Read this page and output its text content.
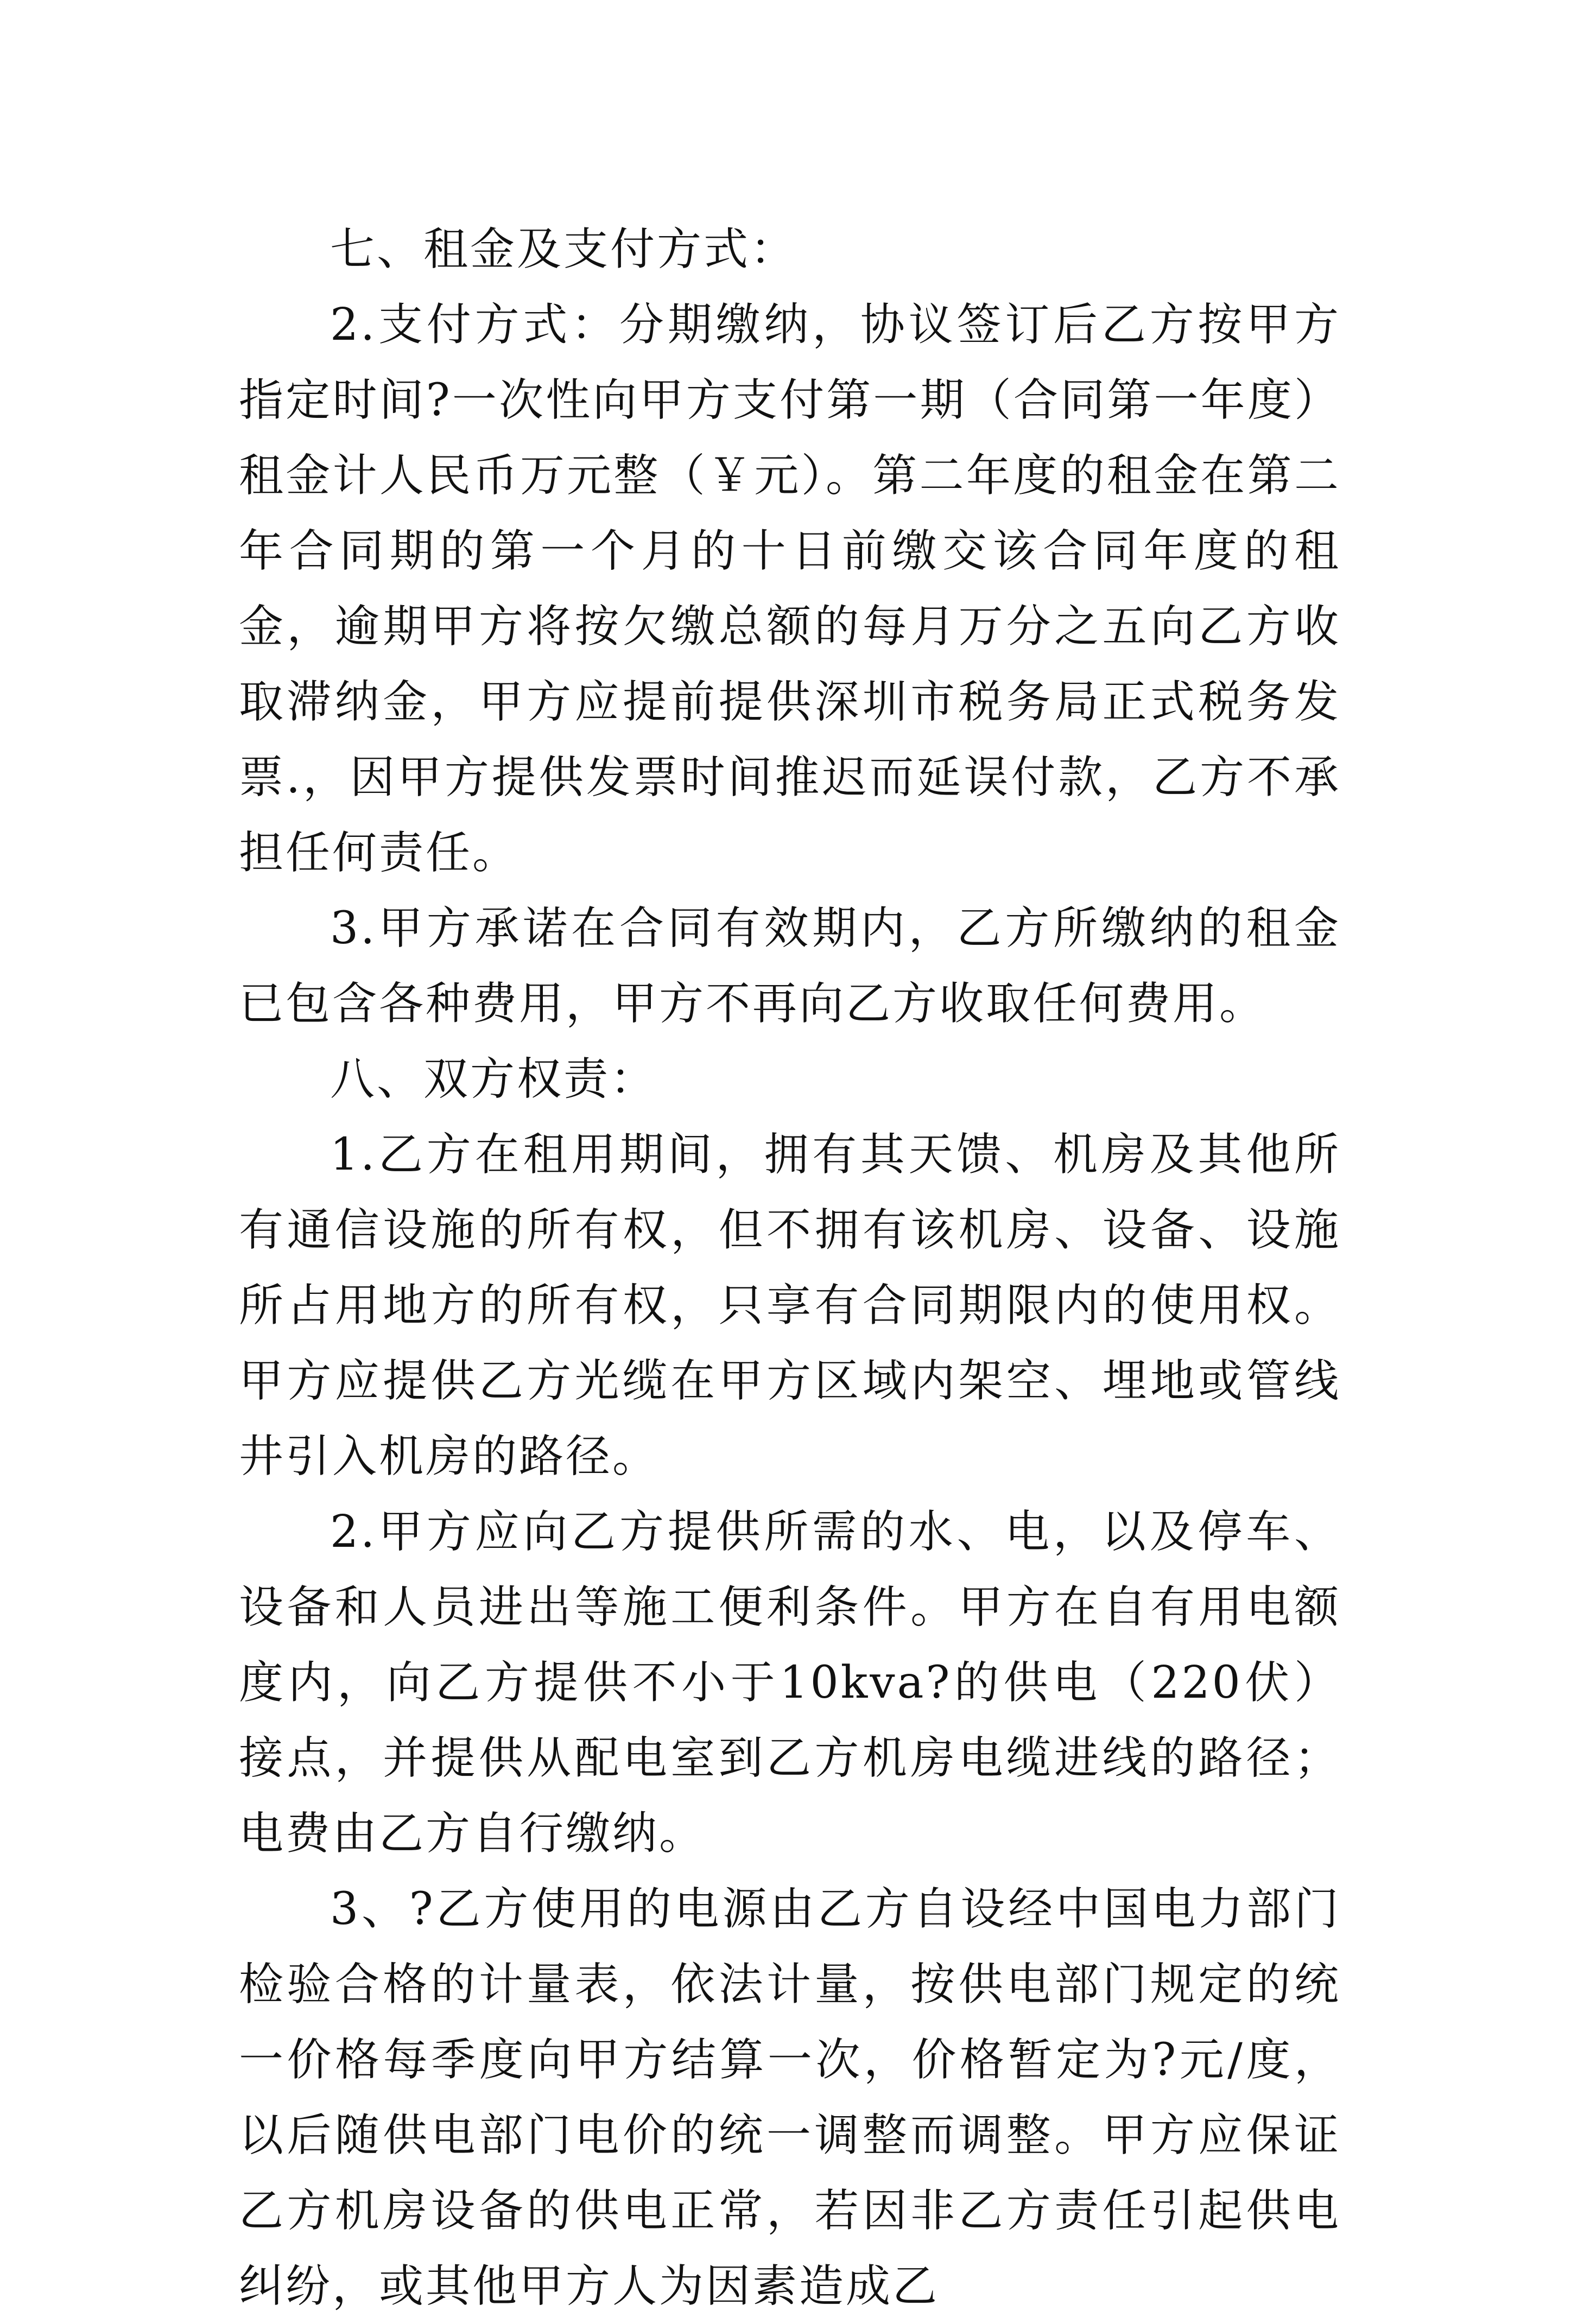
七、租金及支付方式：

2.支付方式：分期缴纳，协议签订后乙方按甲方指定时间?一次性向甲方支付第一期（合同第一年度）租金计人民币万元整（￥元）。第二年度的租金在第二年合同期的第一个月的十日前缴交该合同年度的租金，逾期甲方将按欠缴总额的每月万分之五向乙方收取滞纳金，甲方应提前提供深圳市税务局正式税务发票.，因甲方提供发票时间推迟而延误付款，乙方不承担任何责任。

3.甲方承诺在合同有效期内，乙方所缴纳的租金已包含各种费用，甲方不再向乙方收取任何费用。

八、双方权责：

1.乙方在租用期间，拥有其天馈、机房及其他所有通信设施的所有权，但不拥有该机房、设备、设施所占用地方的所有权，只享有合同期限内的使用权。甲方应提供乙方光缆在甲方区域内架空、埋地或管线井引入机房的路径。

2.甲方应向乙方提供所需的水、电，以及停车、设备和人员进出等施工便利条件。甲方在自有用电额度内，向乙方提供不小于10kva?的供电（220伏）接点，并提供从配电室到乙方机房电缆进线的路径；电费由乙方自行缴纳。

3、?乙方使用的电源由乙方自设经中国电力部门检验合格的计量表，依法计量，按供电部门规定的统一价格每季度向甲方结算一次，价格暂定为?元/度，以后随供电部门电价的统一调整而调整。甲方应保证乙方机房设备的供电正常，若因非乙方责任引起供电纠纷，或其他甲方人为因素造成乙
